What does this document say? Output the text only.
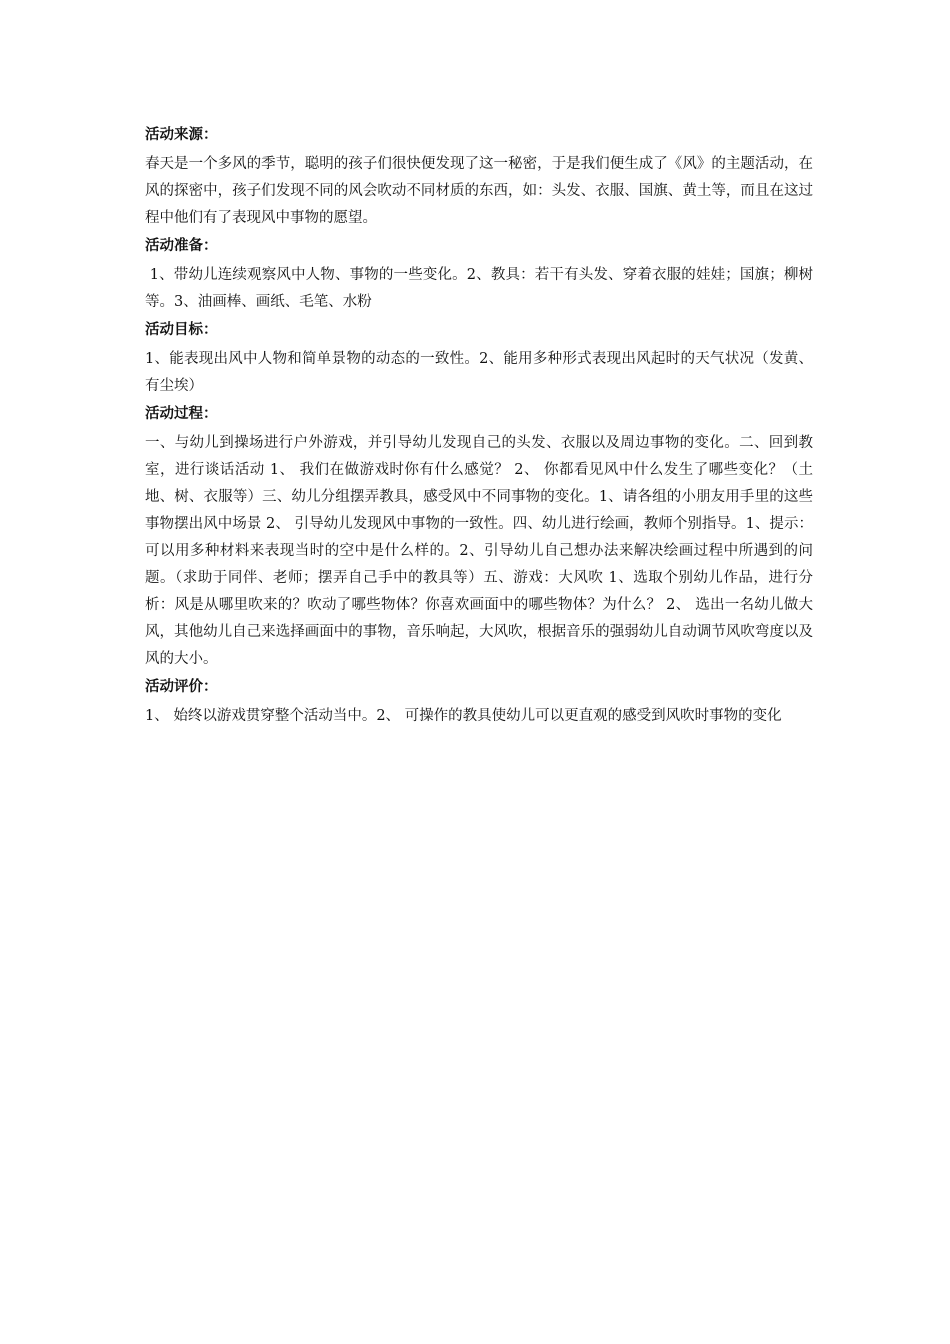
活动来源：
春天是一个多风的季节，聪明的孩子们很快便发现了这一秘密，于是我们便生成了《风》的主题活动，在风的探密中，孩子们发现不同的风会吹动不同材质的东西，如：头发、衣服、国旗、黄土等，而且在这过程中他们有了表现风中事物的愿望。
活动准备：
1、带幼儿连续观察风中人物、事物的一些变化。2、教具：若干有头发、穿着衣服的娃娃；国旗；柳树等。3、油画棒、画纸、毛笔、水粉
活动目标：
1、能表现出风中人物和简单景物的动态的一致性。2、能用多种形式表现出风起时的天气状况（发黄、有尘埃）
活动过程：
一、与幼儿到操场进行户外游戏，并引导幼儿发现自己的头发、衣服以及周边事物的变化。二、回到教室，进行谈话活动 1、 我们在做游戏时你有什么感觉？ 2、 你都看见风中什么发生了哪些变化？（土地、树、衣服等）三、幼儿分组摆弄教具，感受风中不同事物的变化。1、请各组的小朋友用手里的这些事物摆出风中场景 2、 引导幼儿发现风中事物的一致性。四、幼儿进行绘画，教师个别指导。1、提示：可以用多种材料来表现当时的空中是什么样的。2、引导幼儿自己想办法来解决绘画过程中所遇到的问题。（求助于同伴、老师；摆弄自己手中的教具等）五、游戏：大风吹 1、选取个别幼儿作品，进行分析：风是从哪里吹来的？吹动了哪些物体？你喜欢画面中的哪些物体？为什么？ 2、 选出一名幼儿做大风，其他幼儿自己来选择画面中的事物，音乐响起，大风吹，根据音乐的强弱幼儿自动调节风吹弯度以及风的大小。
活动评价：
1、 始终以游戏贯穿整个活动当中。2、 可操作的教具使幼儿可以更直观的感受到风吹时事物的变化
